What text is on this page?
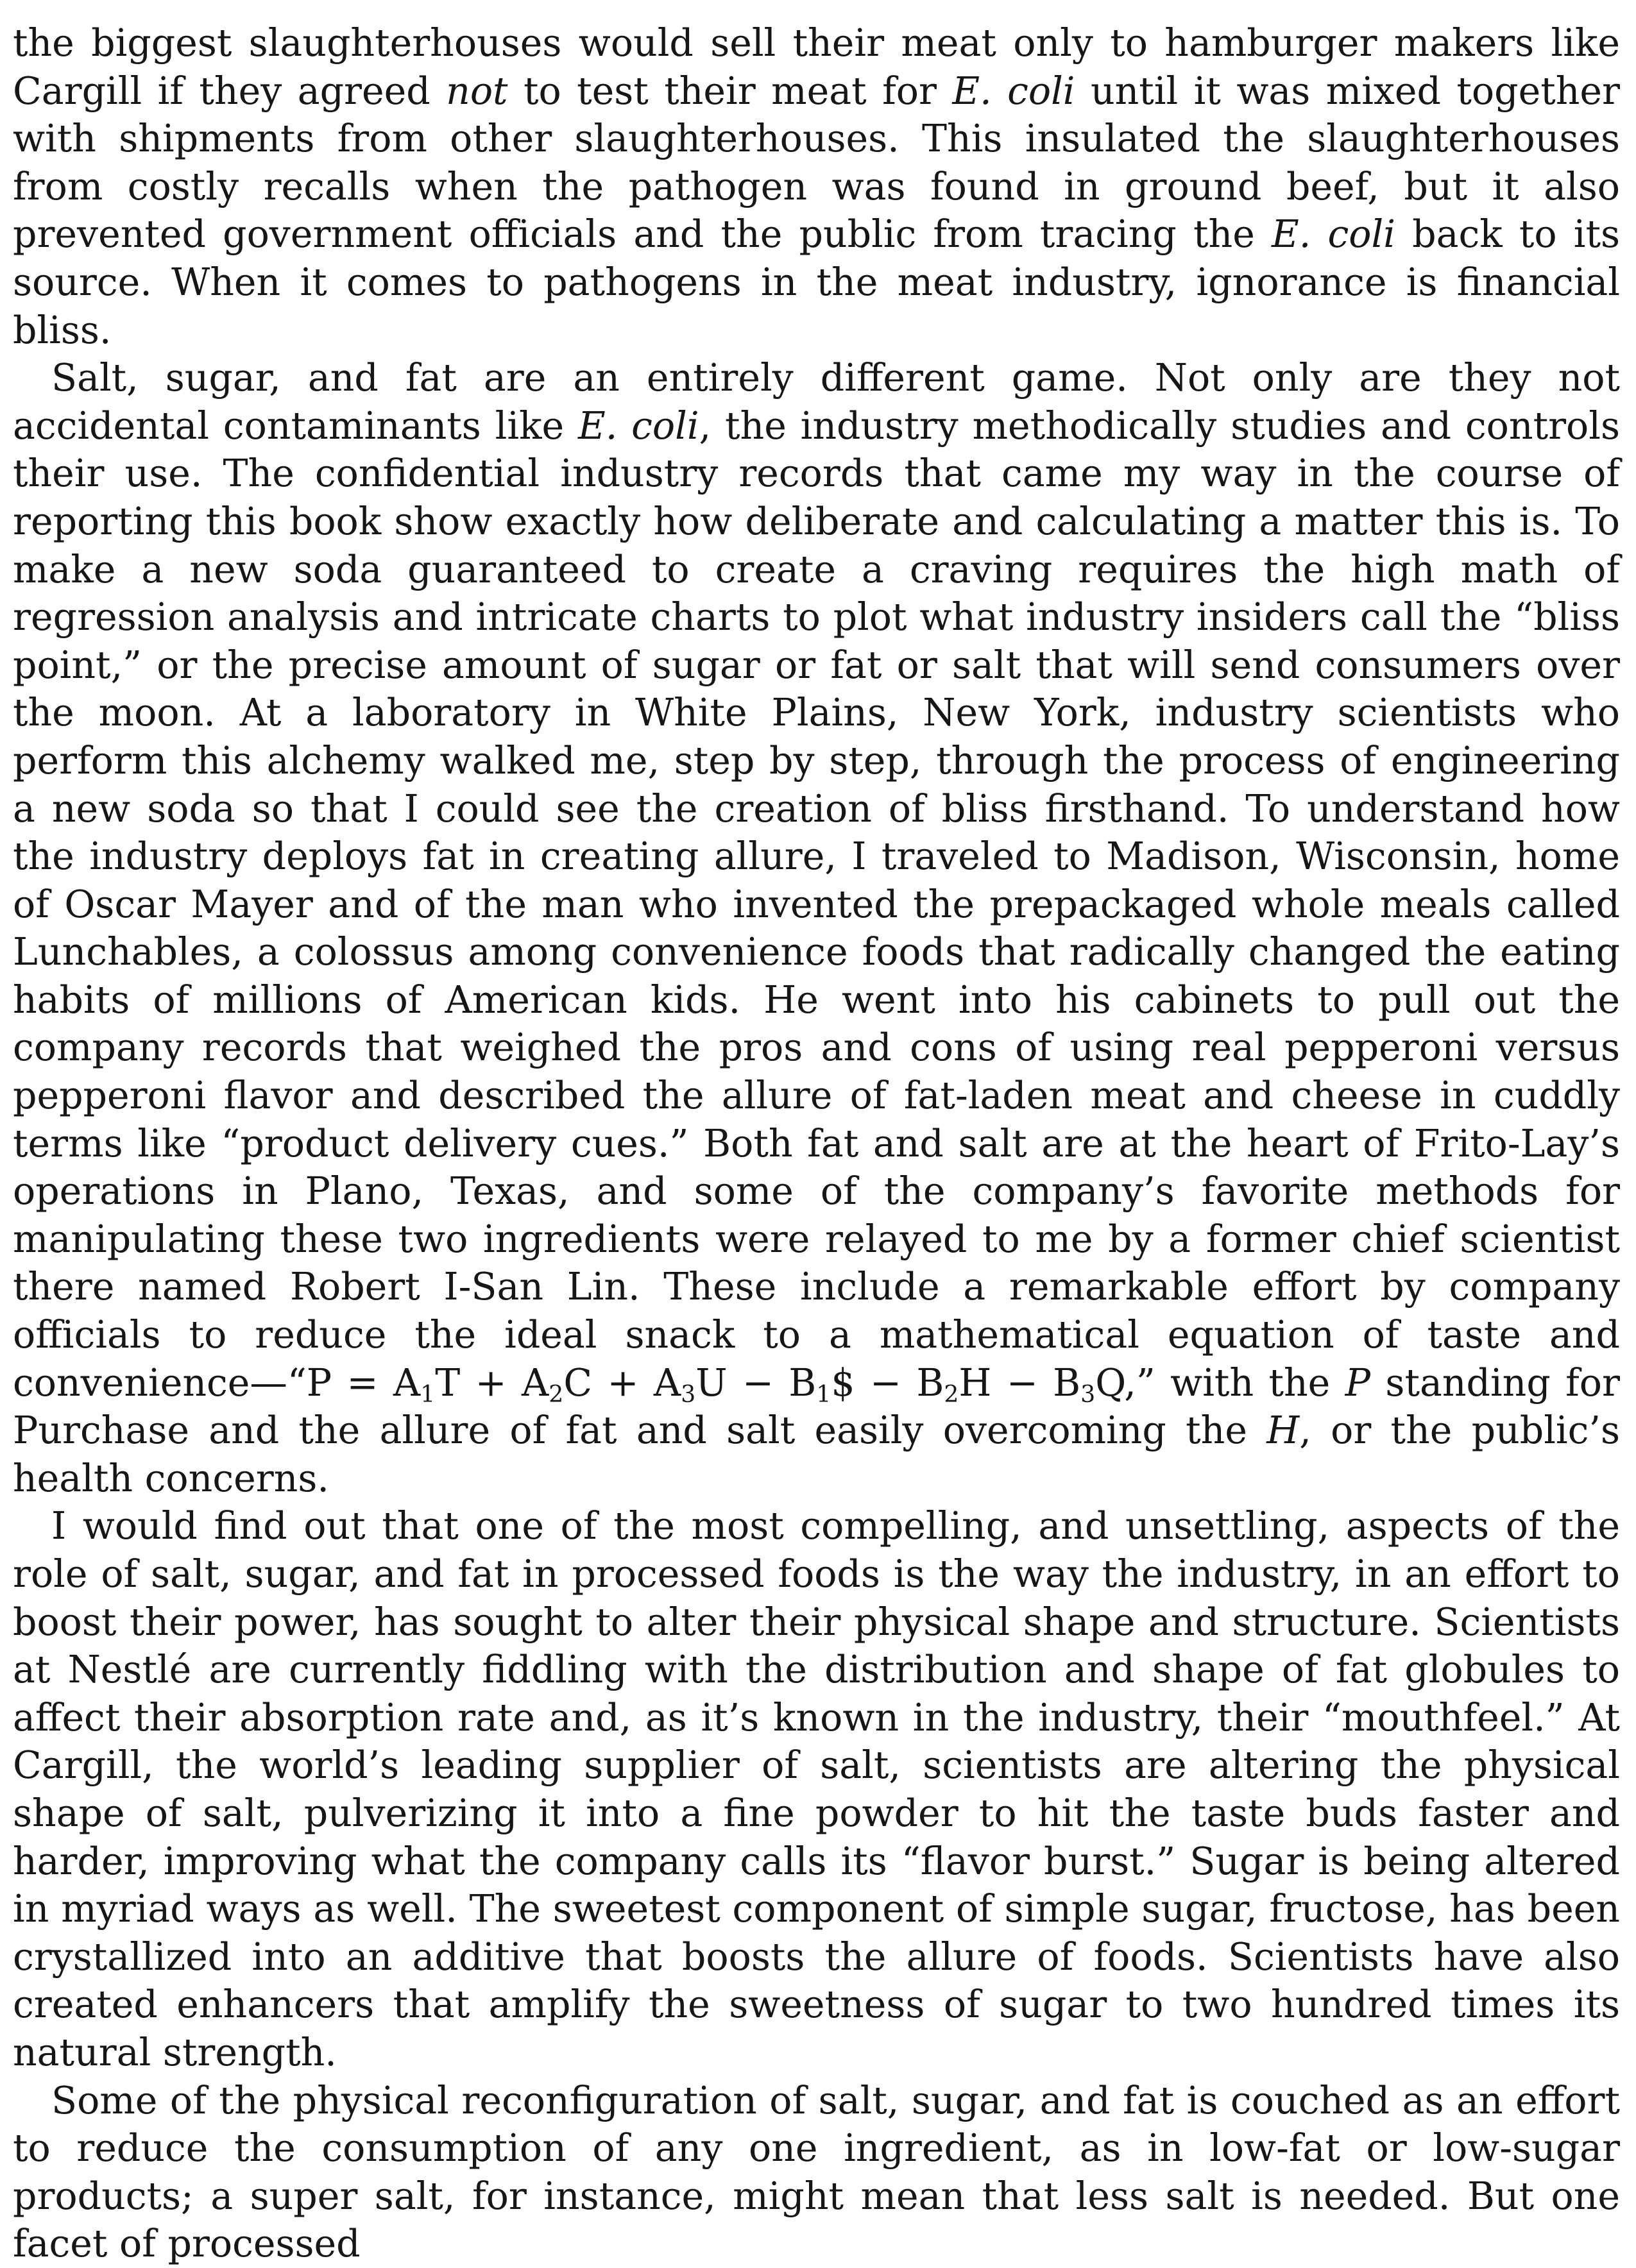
the biggest slaughterhouses would sell their meat only to hamburger makers like Cargill if they agreed not to test their meat for E. coli until it was mixed together with shipments from other slaughterhouses. This insulated the slaughterhouses from costly recalls when the pathogen was found in ground beef, but it also prevented government officials and the public from tracing the E. coli back to its source. When it comes to pathogens in the meat industry, ignorance is financial bliss.

Salt, sugar, and fat are an entirely different game. Not only are they not accidental contaminants like E. coli, the industry methodically studies and controls their use. The confidential industry records that came my way in the course of reporting this book show exactly how deliberate and calculating a matter this is. To make a new soda guaranteed to create a craving requires the high math of regression analysis and intricate charts to plot what industry insiders call the “bliss point,” or the precise amount of sugar or fat or salt that will send consumers over the moon. At a laboratory in White Plains, New York, industry scientists who perform this alchemy walked me, step by step, through the process of engineering a new soda so that I could see the creation of bliss firsthand. To understand how the industry deploys fat in creating allure, I traveled to Madison, Wisconsin, home of Oscar Mayer and of the man who invented the prepackaged whole meals called Lunchables, a colossus among convenience foods that radically changed the eating habits of millions of American kids. He went into his cabinets to pull out the company records that weighed the pros and cons of using real pepperoni versus pepperoni flavor and described the allure of fat-laden meat and cheese in cuddly terms like “product delivery cues.” Both fat and salt are at the heart of Frito-Lay’s operations in Plano, Texas, and some of the company’s favorite methods for manipulating these two ingredients were relayed to me by a former chief scientist there named Robert I-San Lin. These include a remarkable effort by company officials to reduce the ideal snack to a mathematical equation of taste and convenience—“P = $A_1T + A_2C + A_3U$ − $B_1\$ - B_2H - B_3Q$,” with the P standing for Purchase and the allure of fat and salt easily overcoming the H, or the public’s health concerns.

I would find out that one of the most compelling, and unsettling, aspects of the role of salt, sugar, and fat in processed foods is the way the industry, in an effort to boost their power, has sought to alter their physical shape and structure. Scientists at Nestlé are currently fiddling with the distribution and shape of fat globules to affect their absorption rate and, as it’s known in the industry, their “mouthfeel.” At Cargill, the world’s leading supplier of salt, scientists are altering the physical shape of salt, pulverizing it into a fine powder to hit the taste buds faster and harder, improving what the company calls its “flavor burst.” Sugar is being altered in myriad ways as well. The sweetest component of simple sugar, fructose, has been crystallized into an additive that boosts the allure of foods. Scientists have also created enhancers that amplify the sweetness of sugar to two hundred times its natural strength.

Some of the physical reconfiguration of salt, sugar, and fat is couched as an effort to reduce the consumption of any one ingredient, as in low-fat or low-sugar products; a super salt, for instance, might mean that less salt is needed. But one facet of processed
